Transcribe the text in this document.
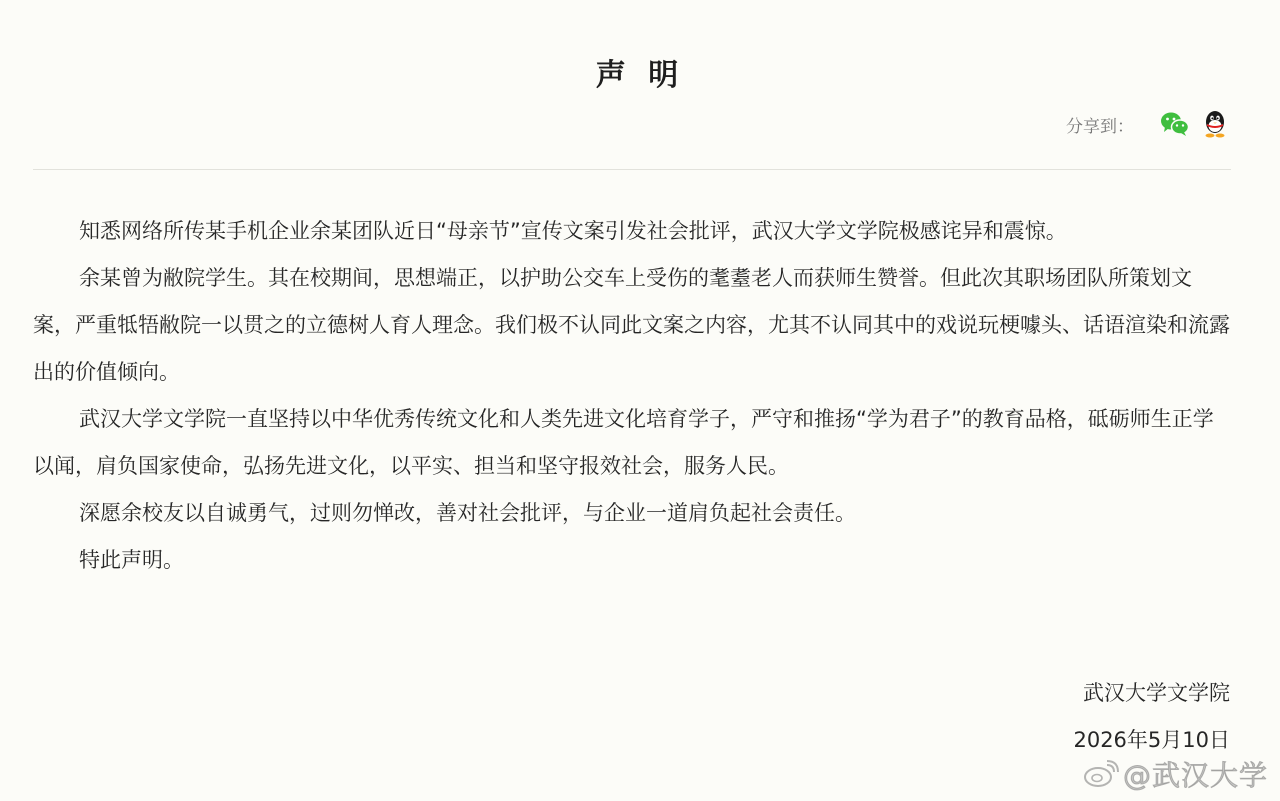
声 明
分享到：

知悉网络所传某手机企业余某团队近日“母亲节”宣传文案引发社会批评，武汉大学文学院极感诧异和震惊。

余某曾为敝院学生。其在校期间，思想端正，以护助公交车上受伤的耄耋老人而获师生赞誉。但此次其职场团队所策划文案，严重牴牾敝院一以贯之的立德树人育人理念。我们极不认同此文案之内容，尤其不认同其中的戏说玩梗噱头、话语渲染和流露出的价值倾向。

武汉大学文学院一直坚持以中华优秀传统文化和人类先进文化培育学子，严守和推扬“学为君子”的教育品格，砥砺师生正学以闻，肩负国家使命，弘扬先进文化，以平实、担当和坚守报效社会，服务人民。

深愿余校友以自诚勇气，过则勿惮改，善对社会批评，与企业一道肩负起社会责任。

特此声明。

武汉大学文学院
2026年5月10日
@武汉大学
